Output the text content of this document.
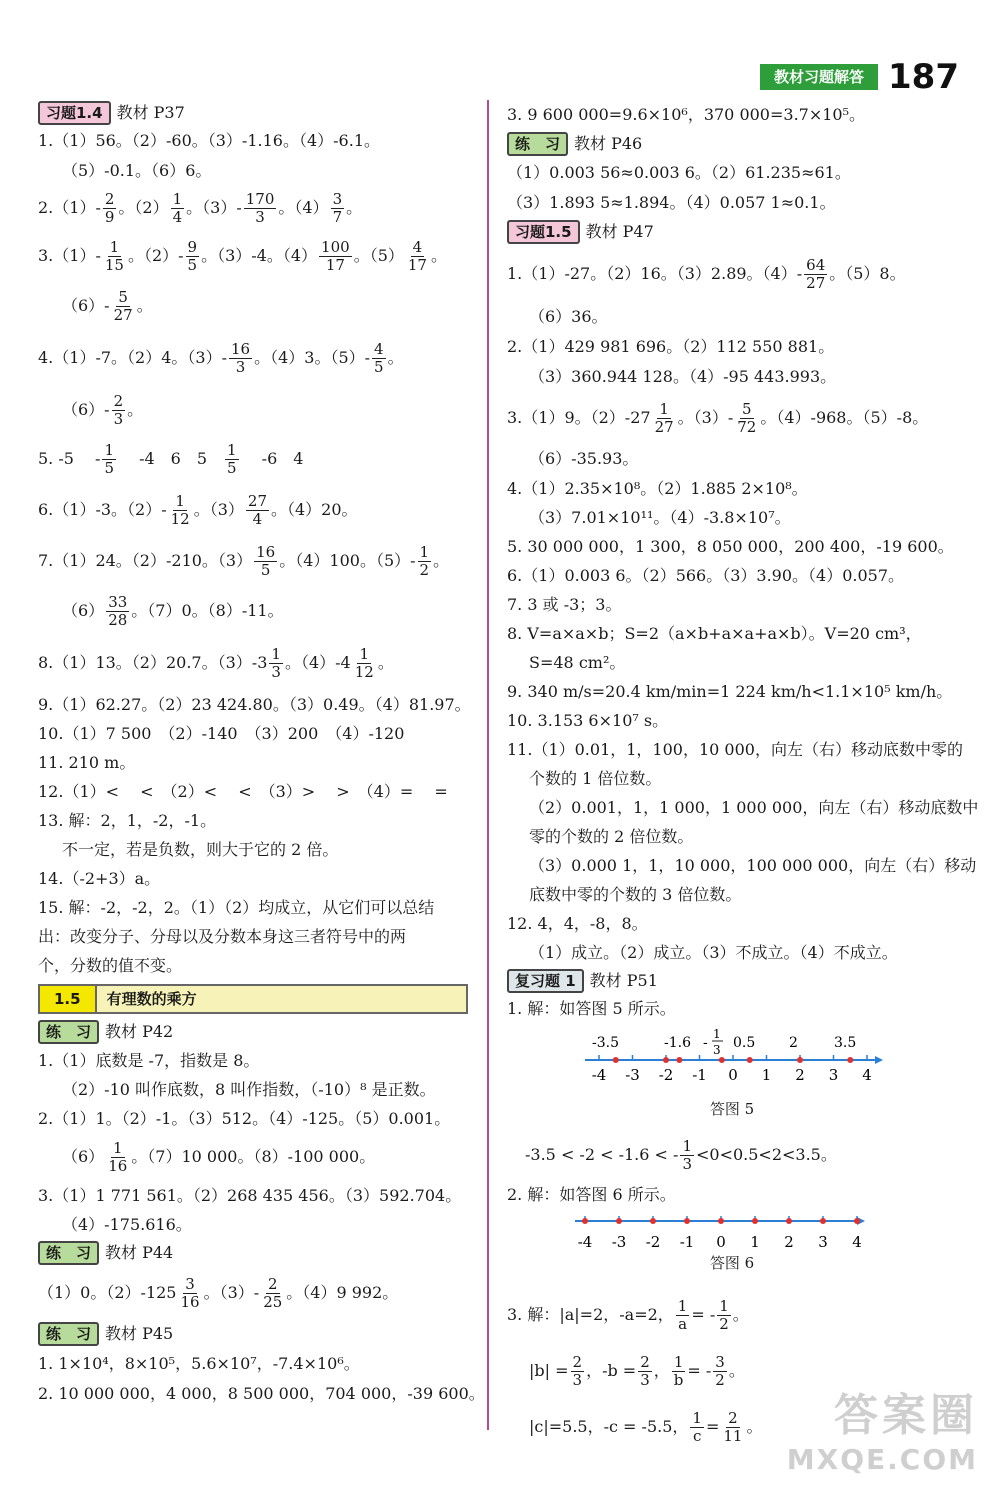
教材习题解答 187
习题1.4 教材 P37
1.（1）56。（2）-60。（3）-1.16。（4）-6.1。
（5）-0.1。（6）6。
$2.(1)- \frac{2}{9}$ 。$(2) \frac{1}{4}$ 。$(3)- \frac{170}{3}$ 。$(4) \frac{3}{7}$ 。
$3.(1)- \frac{1}{15}$ 。$(2)- \frac{9}{5}$ 。（3）-4。$(4) \frac{100}{17}$ 。$(5) \frac{4}{17}$ 。
$(6)- \frac{5}{27}$ 。
4.（1）-7。（2）4。$(3)- \frac{16}{3}$ 。（4）3。$(5)- \frac{4}{5}$ 。
$(6)- \frac{2}{3}$ 。
5. -5　 - $\frac{1}{5}$ 　 -4　6　5　 $\frac{1}{5}$ 　 -6　4
6.（1）-3。$(2)- \frac{1}{12}$ 。$(3) \frac{27}{4}$ 。（4）20。
7.（1）24。（2）-210。$(3) \frac{16}{5}$ 。（4）100。$(5)- \frac{1}{2}$ 。
$(6) \frac{33}{28}$ 。（7）0。（8）-11。
8.（1）13。（2）20.7。$(3)-3 \frac{1}{3}$ 。$(4)-4 \frac{1}{12}$ 。
9.（1）62.27。（2）23 424.80。（3）0.49。（4）81.97。
10.（1）7 500　（2）-140　（3）200　（4）-120
11. 210 m。
12.（1）<　 <　（2）<　 <　（3）>　 >　（4）=　 =
13. 解：2，1，-2，-1。
不一定，若是负数，则大于它的 2 倍。
14.（-2+3）a。
15. 解：-2，-2，2。（1）（2）均成立，从它们可以总结
出：改变分子、分母以及分数本身这三者符号中的两
个，分数的值不变。
1.5	有理数的乘方
练　习 教材 P42
1.（1）底数是 -7，指数是 8。
（2）-10 叫作底数，8 叫作指数，（-10）⁸ 是正数。
2.（1）1。（2）-1。（3）512。（4）-125。（5）0.001。
$(6) \frac{1}{16}$ 。（7）10 000。（8）-100 000。
3.（1）1 771 561。（2）268 435 456。（3）592.704。
（4）-175.616。
练　习 教材 P44
（1）0。$(2)-125 \frac{3}{16}$ 。$(3)- \frac{2}{25}$ 。（4）9 992。
练　习 教材 P45
1. 1×10⁴，8×10⁵，5.6×10⁷，-7.4×10⁶。
2. 10 000 000，4 000，8 500 000，704 000，-39 600。
3. 9 600 000=9.6×10⁶，370 000=3.7×10⁵。
练　习 教材 P46
（1）0.003 56≈0.003 6。（2）61.235≈61。
（3）1.893 5≈1.894。（4）0.057 1≈0.1。
习题1.5 教材 P47
1.（1）-27。（2）16。（3）2.89。$(4)- \frac{64}{27}$ 。（5）8。
（6）36。
2.（1）429 981 696。（2）112 550 881。
（3）360.944 128。（4）-95 443.993。
3.（1）9。$(2)-27 \frac{1}{27}$ 。$(3)- \frac{5}{72}$ 。（4）-968。（5）-8。
（6）-35.93。
4.（1）2.35×10⁸。（2）1.885 2×10⁸。
（3）7.01×10¹¹。（4）-3.8×10⁷。
5. 30 000 000，1 300，8 050 000，200 400，-19 600。
6.（1）0.003 6。（2）566。（3）3.90。（4）0.057。
7. 3 或 -3；3。
8. V=a×a×b；S=2（a×b+a×a+a×b）。V=20 cm³，
S=48 cm²。
9. 340 m/s=20.4 km/min=1 224 km/h<1.1×10⁵ km/h。
10. 3.153 6×10⁷ s。
11.（1）0.01，1，100，10 000，向左（右）移动底数中零的
个数的 1 倍位数。
（2）0.001，1，1 000，1 000 000，向左（右）移动底数中
零的个数的 2 倍位数。
（3）0.000 1，1，10 000，100 000 000，向左（右）移动
底数中零的个数的 3 倍位数。
12. 4，4，-8，8。
（1）成立。（2）成立。（3）不成立。（4）不成立。
复习题 1 教材 P51
1. 解：如答图 5 所示。
-4 -3 -2 -1 0 1 2 3 4
-3.5	-1.6 -
1
3 0.5 2	3.5
答图 5
-3.5 < -2 < -1.6 < - $\frac{1}{3} <0<0.5<2<3.5$。
2. 解：如答图 6 所示。
-4 -3 -2 -1 0 1 2 3 4
答图 6
3. 解：|a|=2，-a=2， $\frac{1}{a}$ = - $\frac{1}{2}$ 。
$|b| = \frac{2}{3}$ ，$-b = \frac{2}{3}$ ， $\frac{1}{b}$ = - $\frac{3}{2}$ 。
|c|=5.5，-c = -5.5， $\frac{1}{c} = \frac{2}{11}$ 。	答案圈
MXQE.COM
